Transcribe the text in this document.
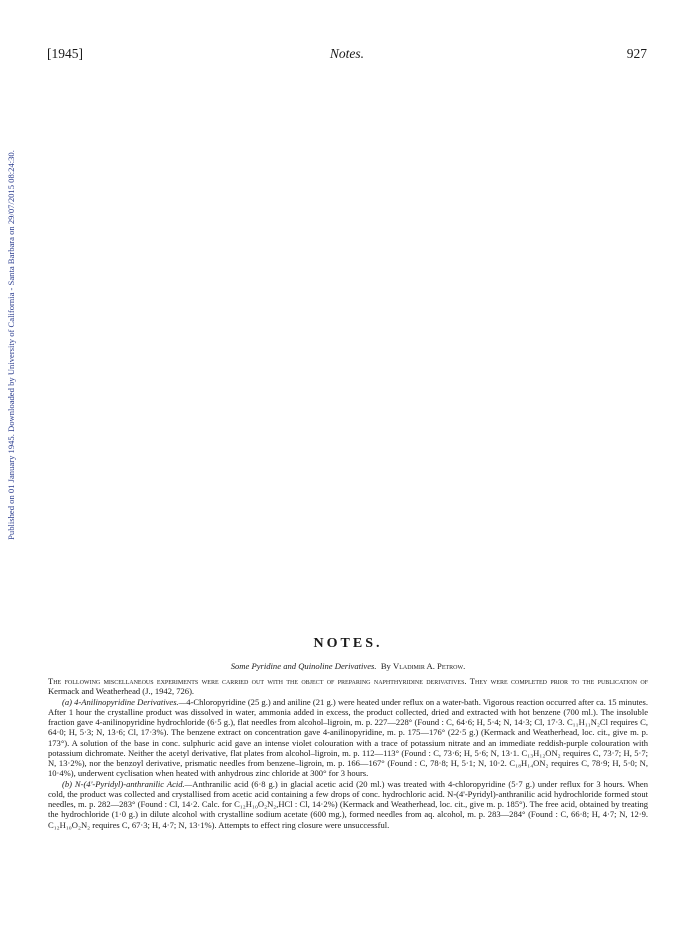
Published on 01 January 1945. Downloaded by University of California - Santa Barbara on 29/07/2015 08:24:30.
[1945]	Notes.	927
NOTES.
Some Pyridine and Quinoline Derivatives. By Vladimir A. Petrow.

The following miscellaneous experiments were carried out with the object of preparing naphthyridine derivatives. They were completed prior to the publication of Kermack and Weatherhead (J., 1942, 726).

(a) 4-Anilinopyridine Derivatives.—4-Chloropyridine (25 g.) and aniline (21 g.) were heated under reflux on a water-bath. Vigorous reaction occurred after ca. 15 minutes. After 1 hour the crystalline product was dissolved in water, ammonia added in excess, the product collected, dried and extracted with hot benzene (700 ml.). The insoluble fraction gave 4-anilinopyridine hydrochloride (6·5 g.), flat needles from alcohol–ligroin, m. p. 227—228° (Found : C, 64·6; H, 5·4; N, 14·3; Cl, 17·3. C₁₁H₁₁N₂Cl requires C, 64·0; H, 5·3; N, 13·6; Cl, 17·3%). The benzene extract on concentration gave 4-anilinopyridine, m. p. 175—176° (22·5 g.) (Kermack and Weatherhead, loc. cit., give m. p. 173°). A solution of the base in conc. sulphuric acid gave an intense violet colouration with a trace of potassium nitrate and an immediate reddish-purple colouration with potassium dichromate. Neither the acetyl derivative, flat plates from alcohol–ligroin, m. p. 112—113° (Found : C, 73·6; H, 5·6; N, 13·1. C₁₃H₁₂ON₂ requires C, 73·7; H, 5·7; N, 13·2%), nor the benzoyl derivative, prismatic needles from benzene–ligroin, m. p. 166—167° (Found : C, 78·8; H, 5·1; N, 10·2. C₁₈H₁₄ON₂ requires C, 78·9; H, 5·0; N, 10·4%), underwent cyclisation when heated with anhydrous zinc chloride at 300° for 3 hours.

(b) N-(4'-Pyridyl)-anthranilic Acid.—Anthranilic acid (6·8 g.) in glacial acetic acid (20 ml.) was treated with 4-chloropyridine (5·7 g.) under reflux for 3 hours. When cold, the product was collected and crystallised from acetic acid containing a few drops of conc. hydrochloric acid. N-(4'-Pyridyl)-anthranilic acid hydrochloride formed stout needles, m. p. 282—283° (Found : Cl, 14·2. Calc. for C₁₂H₁₀O₂N₂,HCl : Cl, 14·2%) (Kermack and Weatherhead, loc. cit., give m. p. 185°). The free acid, obtained by treating the hydrochloride (1·0 g.) in dilute alcohol with crystalline sodium acetate (600 mg.), formed needles from aq. alcohol, m. p. 283—284° (Found : C, 66·8; H, 4·7; N, 12·9. C₁₂H₁₀O₂N₂ requires C, 67·3; H, 4·7; N, 13·1%). Attempts to effect ring closure were unsuccessful.
